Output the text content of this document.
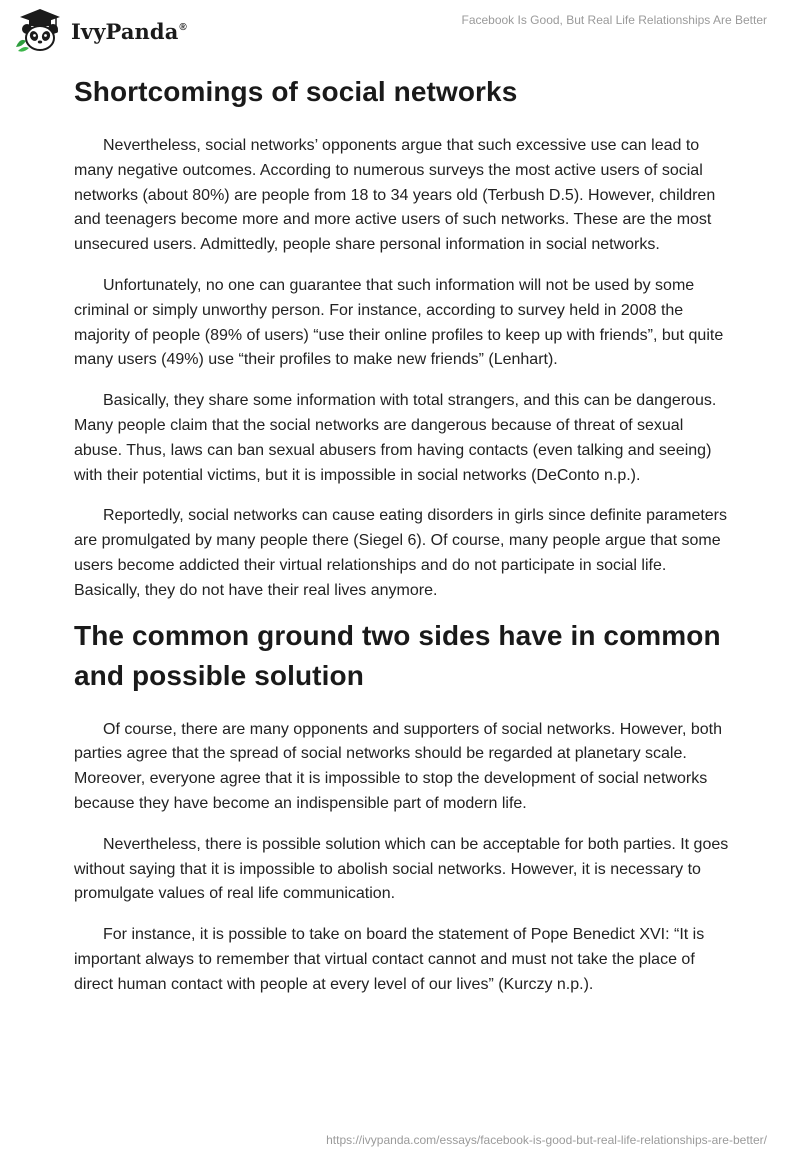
IvyPanda®	Facebook Is Good, But Real Life Relationships Are Better
Shortcomings of social networks

Nevertheless, social networks’ opponents argue that such excessive use can lead to many negative outcomes. According to numerous surveys the most active users of social networks (about 80%) are people from 18 to 34 years old (Terbush D.5). However, children and teenagers become more and more active users of such networks. These are the most unsecured users. Admittedly, people share personal information in social networks.

Unfortunately, no one can guarantee that such information will not be used by some criminal or simply unworthy person. For instance, according to survey held in 2008 the majority of people (89% of users) “use their online profiles to keep up with friends”, but quite many users (49%) use “their profiles to make new friends” (Lenhart).

Basically, they share some information with total strangers, and this can be dangerous. Many people claim that the social networks are dangerous because of threat of sexual abuse. Thus, laws can ban sexual abusers from having contacts (even talking and seeing) with their potential victims, but it is impossible in social networks (DeConto n.p.).

Reportedly, social networks can cause eating disorders in girls since definite parameters are promulgated by many people there (Siegel 6). Of course, many people argue that some users become addicted their virtual relationships and do not participate in social life. Basically, they do not have their real lives anymore.

The common ground two sides have in common and possible solution

Of course, there are many opponents and supporters of social networks. However, both parties agree that the spread of social networks should be regarded at planetary scale. Moreover, everyone agree that it is impossible to stop the development of social networks because they have become an indispensible part of modern life.

Nevertheless, there is possible solution which can be acceptable for both parties. It goes without saying that it is impossible to abolish social networks. However, it is necessary to promulgate values of real life communication.

For instance, it is possible to take on board the statement of Pope Benedict XVI: “It is important always to remember that virtual contact cannot and must not take the place of direct human contact with people at every level of our lives” (Kurczy n.p.).

https://ivypanda.com/essays/facebook-is-good-but-real-life-relationships-are-better/
